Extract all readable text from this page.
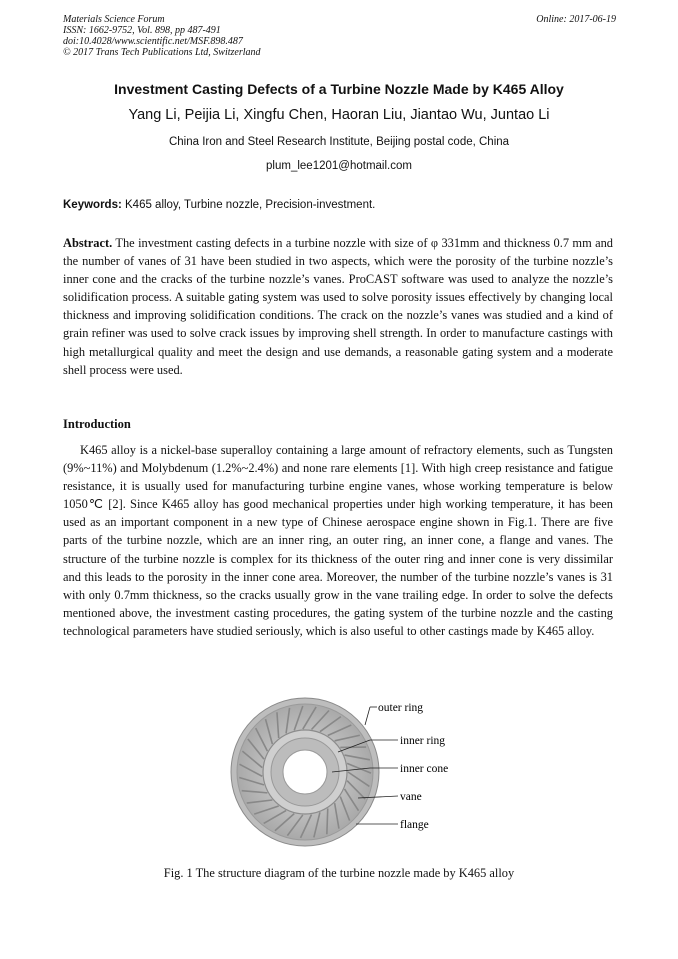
Materials Science Forum
ISSN: 1662-9752, Vol. 898, pp 487-491
doi:10.4028/www.scientific.net/MSF.898.487
© 2017 Trans Tech Publications Ltd, Switzerland
Online: 2017-06-19
Investment Casting Defects of a Turbine Nozzle Made by K465 Alloy
Yang Li, Peijia Li, Xingfu Chen, Haoran Liu, Jiantao Wu, Juntao Li
China Iron and Steel Research Institute, Beijing postal code, China
plum_lee1201@hotmail.com
Keywords: K465 alloy, Turbine nozzle, Precision-investment.
Abstract. The investment casting defects in a turbine nozzle with size of φ 331mm and thickness 0.7 mm and the number of vanes of 31 have been studied in two aspects, which were the porosity of the turbine nozzle’s inner cone and the cracks of the turbine nozzle’s vanes. ProCAST software was used to analyze the nozzle’s solidification process. A suitable gating system was used to solve porosity issues effectively by changing local thickness and improving solidification conditions. The crack on the nozzle’s vanes was studied and a kind of grain refiner was used to solve crack issues by improving shell strength. In order to manufacture castings with high metallurgical quality and meet the design and use demands, a reasonable gating system and a moderate shell process were used.
Introduction
K465 alloy is a nickel-base superalloy containing a large amount of refractory elements, such as Tungsten (9%~11%) and Molybdenum (1.2%~2.4%) and none rare elements [1]. With high creep resistance and fatigue resistance, it is usually used for manufacturing turbine engine vanes, whose working temperature is below 1050℃ [2]. Since K465 alloy has good mechanical properties under high working temperature, it has been used as an important component in a new type of Chinese aerospace engine shown in Fig.1. There are five parts of the turbine nozzle, which are an inner ring, an outer ring, an inner cone, a flange and vanes. The structure of the turbine nozzle is complex for its thickness of the outer ring and inner cone is very dissimilar and this leads to the porosity in the inner cone area. Moreover, the number of the turbine nozzle’s vanes is 31 with only 0.7mm thickness, so the cracks usually grow in the vane trailing edge. In order to solve the defects mentioned above, the investment casting procedures, the gating system of the turbine nozzle and the casting technological parameters have studied seriously, which is also useful to other castings made by K465 alloy.
outer ring
inner ring
inner cone
vane
flange
Fig. 1 The structure diagram of the turbine nozzle made by K465 alloy
